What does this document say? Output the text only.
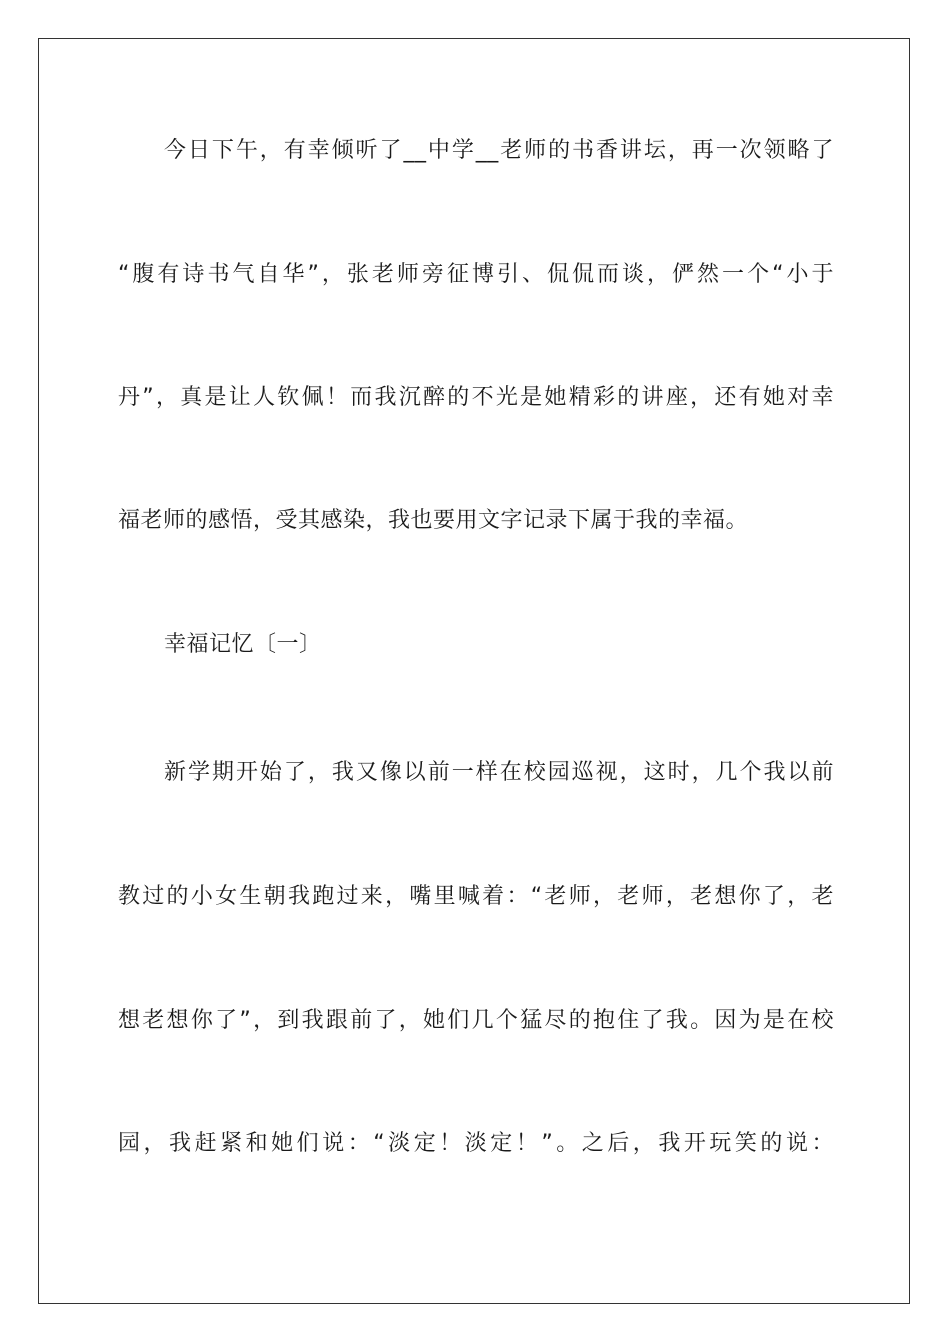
今日下午，有幸倾听了__中学__老师的书香讲坛，再一次领略了
“腹有诗书气自华”，张老师旁征博引、侃侃而谈，俨然一个“小于
丹”，真是让人钦佩！而我沉醉的不光是她精彩的讲座，还有她对幸
福老师的感悟，受其感染，我也要用文字记录下属于我的幸福。
幸福记忆〔一〕
新学期开始了，我又像以前一样在校园巡视，这时，几个我以前
教过的小女生朝我跑过来，嘴里喊着：“老师，老师，老想你了，老
想老想你了”，到我跟前了，她们几个猛尽的抱住了我。因为是在校
园，我赶紧和她们说：“淡定！淡定！”。之后，我开玩笑的说：
